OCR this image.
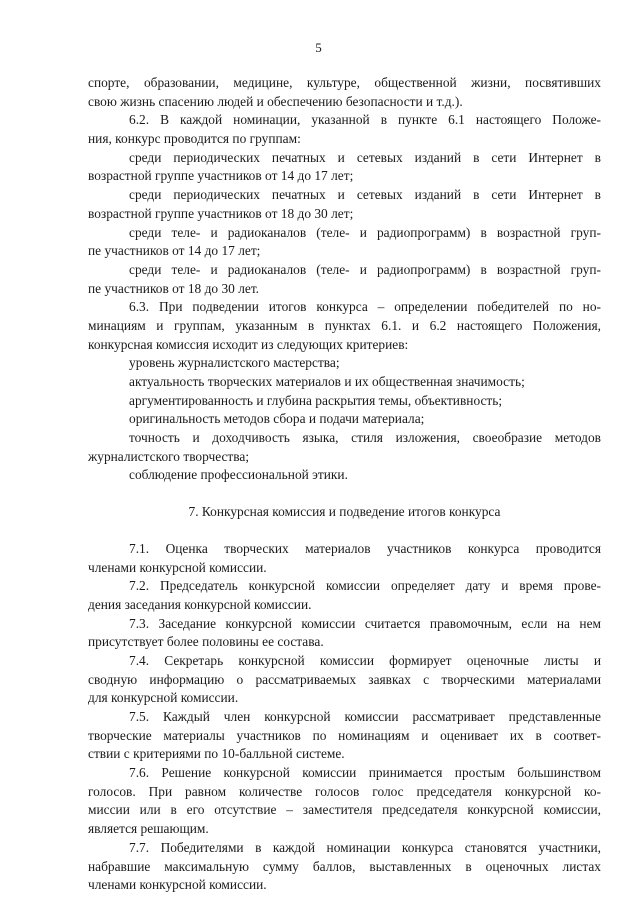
5
спорте, образовании, медицине, культуре, общественной жизни, посвятивших
свою жизнь спасению людей и обеспечению безопасности и т.д.).
6.2. В каждой номинации, указанной в пункте 6.1 настоящего Положе-
ния, конкурс проводится по группам:
среди периодических печатных и сетевых изданий в сети Интернет в
возрастной группе участников от 14 до 17 лет;
среди периодических печатных и сетевых изданий в сети Интернет в
возрастной группе участников от 18 до 30 лет;
среди теле- и радиоканалов (теле- и радиопрограмм) в возрастной груп-
пе участников от 14 до 17 лет;
среди теле- и радиоканалов (теле- и радиопрограмм) в возрастной груп-
пе участников от 18 до 30 лет.
6.3. При подведении итогов конкурса – определении победителей по но-
минациям и группам, указанным в пунктах 6.1. и 6.2 настоящего Положения,
конкурсная комиссия исходит из следующих критериев:
уровень журналистского мастерства;
актуальность творческих материалов и их общественная значимость;
аргументированность и глубина раскрытия темы, объективность;
оригинальность методов сбора и подачи материала;
точность и доходчивость языка, стиля изложения, своеобразие методов
журналистского творчества;
соблюдение профессиональной этики.
7. Конкурсная комиссия и подведение итогов конкурса
7.1. Оценка творческих материалов участников конкурса проводится
членами конкурсной комиссии.
7.2. Председатель конкурсной комиссии определяет дату и время прове-
дения заседания конкурсной комиссии.
7.3. Заседание конкурсной комиссии считается правомочным, если на нем
присутствует более половины ее состава.
7.4. Секретарь конкурсной комиссии формирует оценочные листы и
сводную информацию о рассматриваемых заявках с творческими материалами
для конкурсной комиссии.
7.5. Каждый член конкурсной комиссии рассматривает представленные
творческие материалы участников по номинациям и оценивает их в соответ-
ствии с критериями по 10-балльной системе.
7.6. Решение конкурсной комиссии принимается простым большинством
голосов. При равном количестве голосов голос председателя конкурсной ко-
миссии или в его отсутствие – заместителя председателя конкурсной комиссии,
является решающим.
7.7. Победителями в каждой номинации конкурса становятся участники,
набравшие максимальную сумму баллов, выставленных в оценочных листах
членами конкурсной комиссии.
